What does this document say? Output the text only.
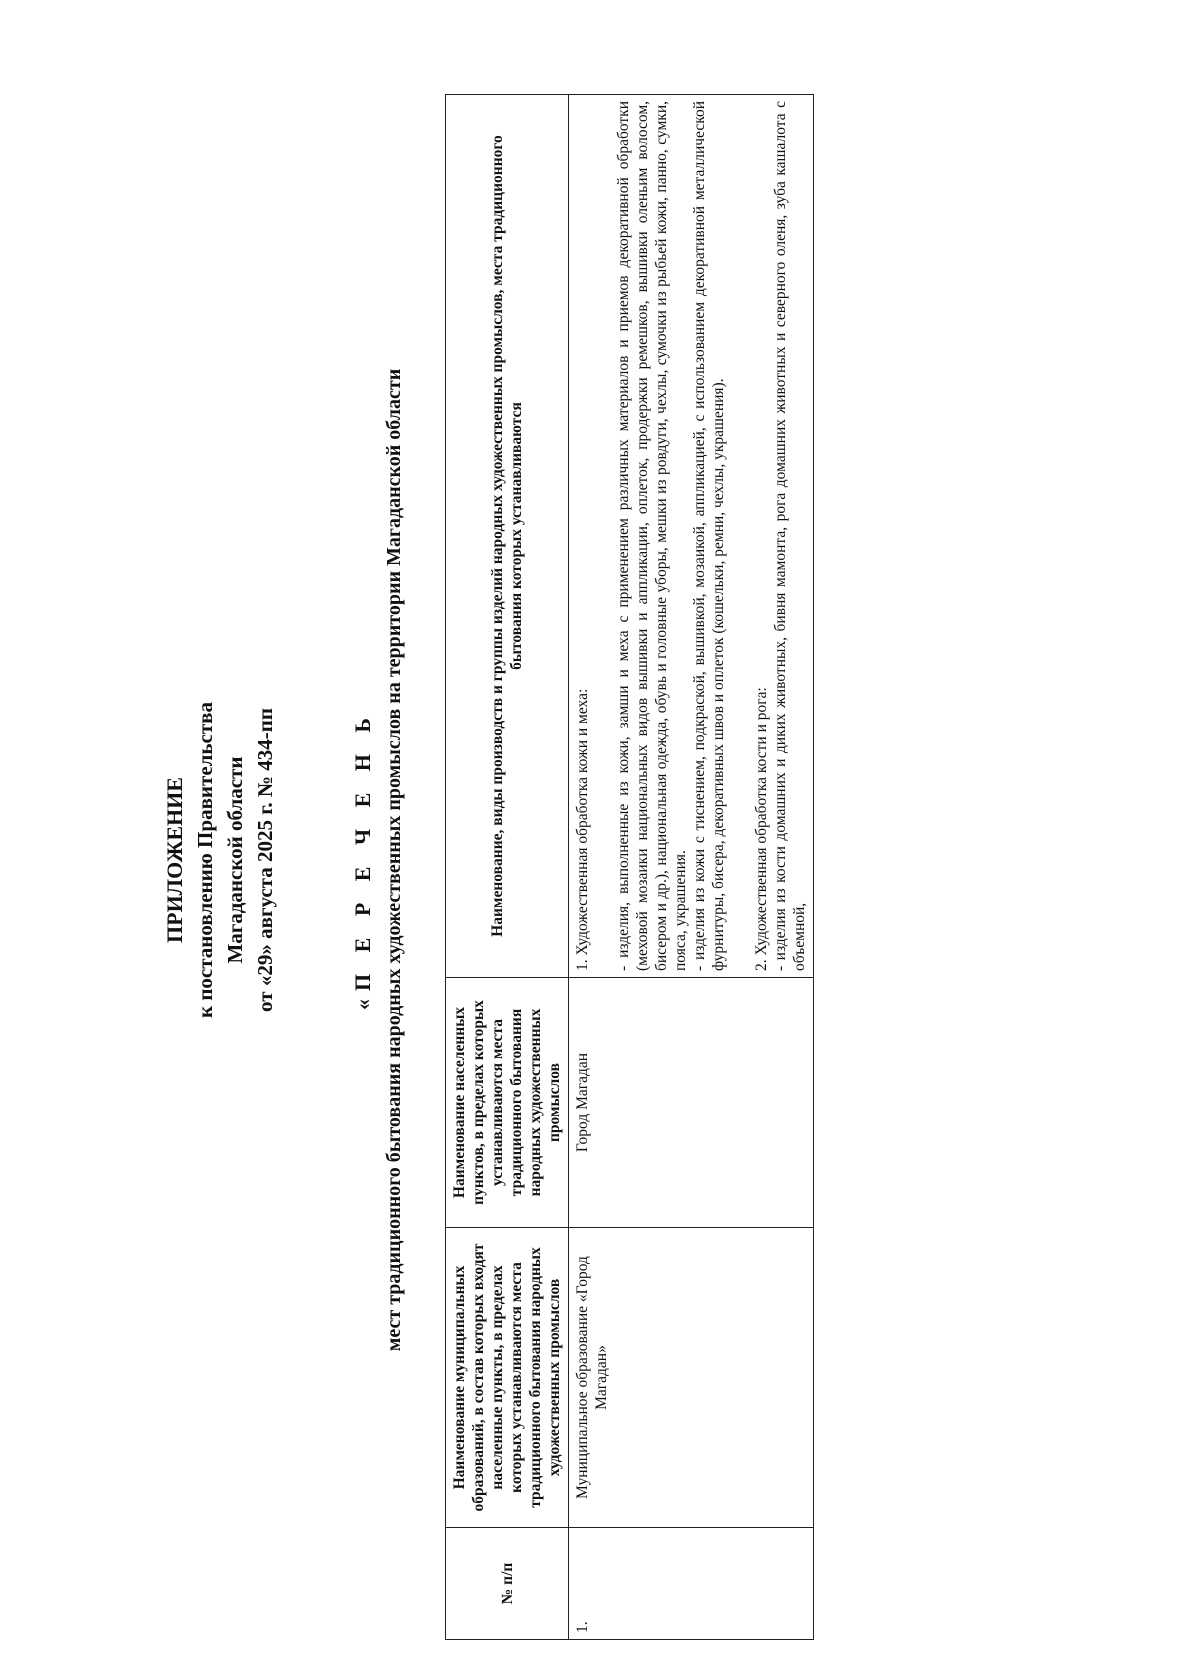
ПРИЛОЖЕНИЕ к постановлению Правительства Магаданской области от «29» августа 2025 г. № 434-пп	«П Е Р Е Ч Е Н Ь мест традиционного бытования народных художественных промыслов на территории Магаданской области
№ п/п	Наименование муниципальных образований, в состав которых входят населенные пункты, в пределах которых устанавливаются места традиционного бытования народных художественных промыслов	Наименование населенных пунктов, в пределах которых устанавливаются места традиционного бытования народных художественных промыслов	Наименование, виды производств и группы изделий народных художественных промыслов, места традиционного бытования которых устанавливаются
1.	Муниципальное образование «Город Магадан»	Город Магадан	1. Художественная обработка кожи и меха: - изделия, выполненные из кожи, замши и меха с применением различных материалов и приемов декоративной обработки (меховой мозаики национальных видов вышивки и аппликации, оплеток, продержки ремешков, вышивки оленьим волосом, бисером и др.), национальная одежда, обувь и головные уборы, мешки из ровдуги, чехлы, сумочки из рыбьей кожи, панно, сумки, пояса, украшения. - изделия из кожи с тиснением, подкраской, вышивкой, мозаикой, аппликацией, с использованием декоративной металлической фурнитуры, бисера, декоративных швов и оплеток (кошельки, ремни, чехлы, украшения). 2. Художественная обработка кости и рога: - изделия из кости домашних и диких животных, бивня мамонта, рога домашних животных и северного оленя, зуба кашалота с объемной,
